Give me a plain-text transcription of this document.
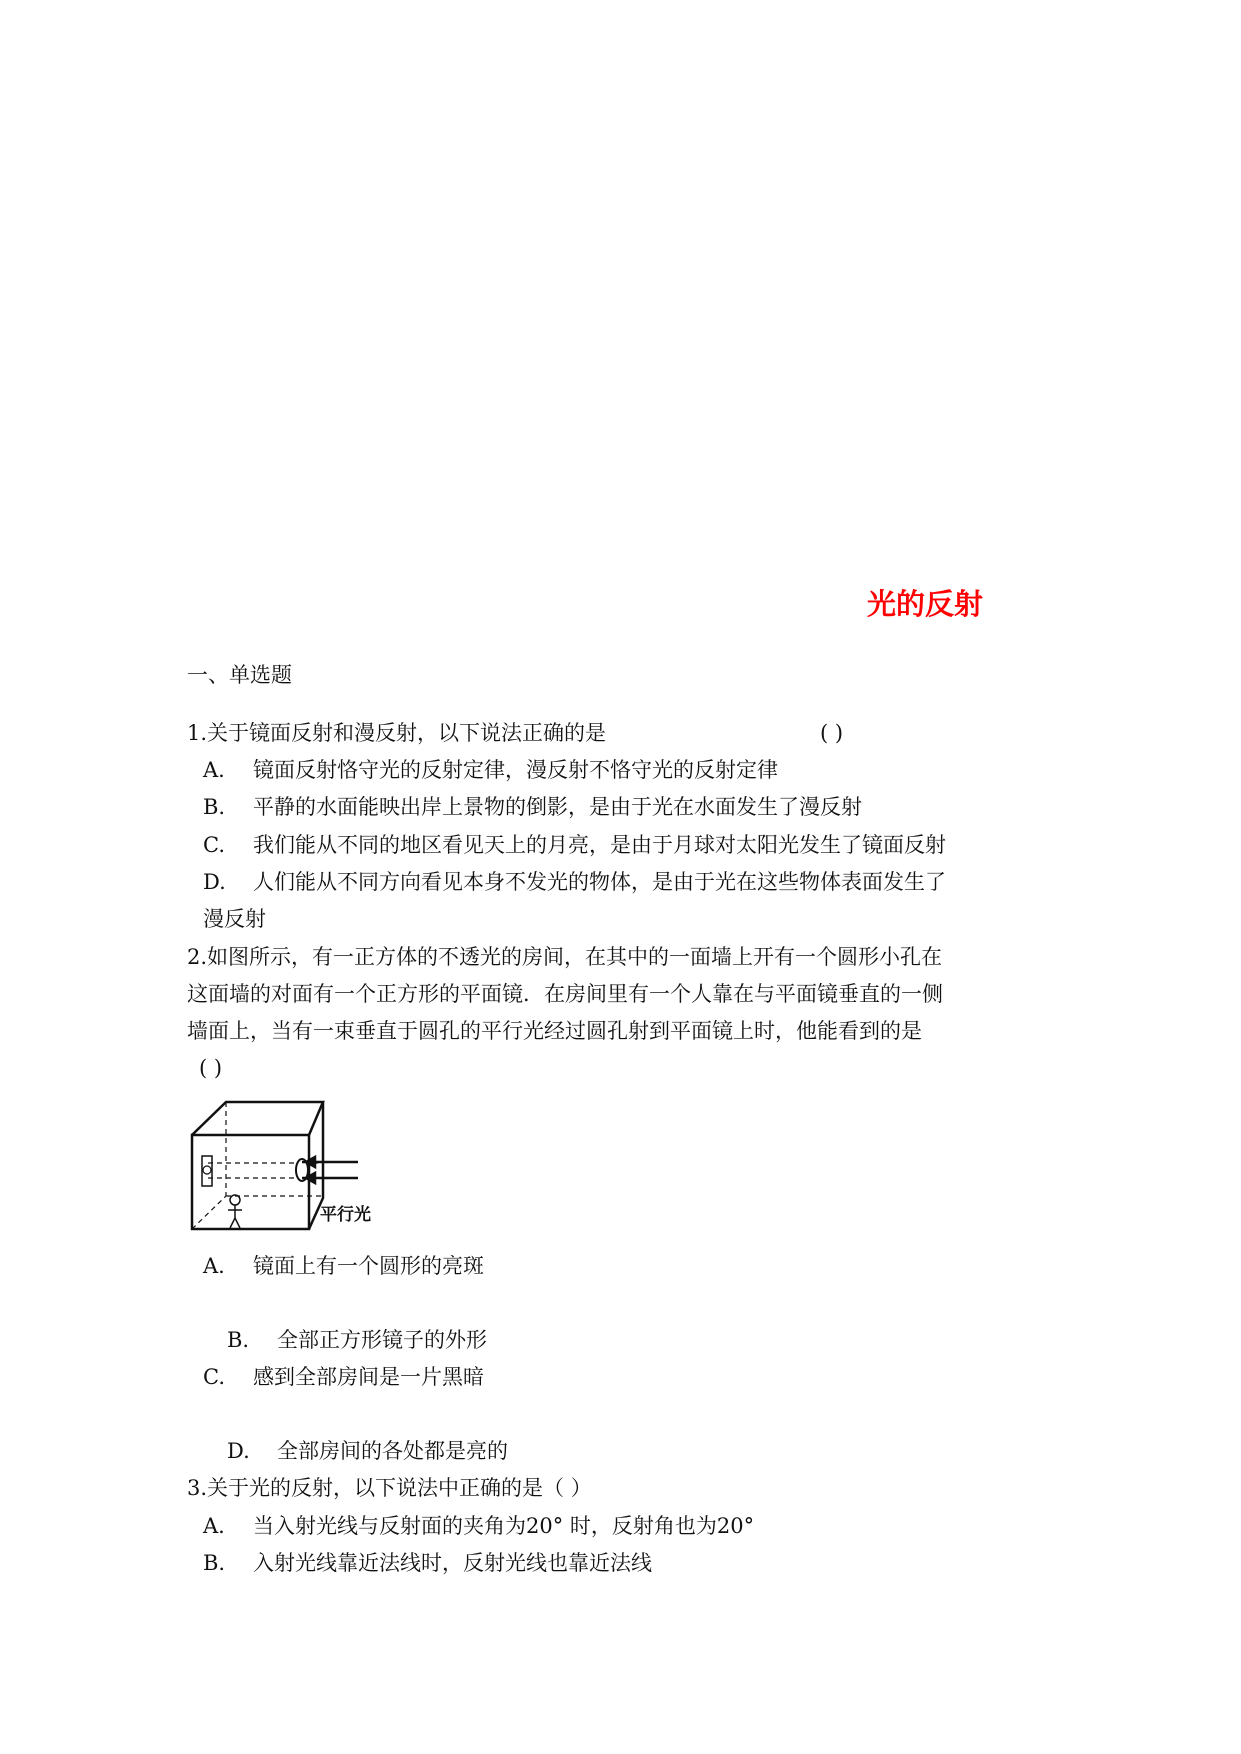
光的反射
一、单选题
1.关于镜面反射和漫反射，以下说法正确的是	( )
A. 镜面反射恪守光的反射定律，漫反射不恪守光的反射定律
B. 平静的水面能映出岸上景物的倒影，是由于光在水面发生了漫反射
C. 我们能从不同的地区看见天上的月亮，是由于月球对太阳光发生了镜面反射
D. 人们能从不同方向看见本身不发光的物体，是由于光在这些物体表面发生了
漫反射
2.如图所示，有一正方体的不透光的房间，在其中的一面墙上开有一个圆形小孔在
这面墙的对面有一个正方形的平面镜．在房间里有一个人靠在与平面镜垂直的一侧
墙面上，当有一束垂直于圆孔的平行光经过圆孔射到平面镜上时，他能看到的是
( )
平行光
A. 镜面上有一个圆形的亮斑
B. 全部正方形镜子的外形
C. 感到全部房间是一片黑暗
D. 全部房间的各处都是亮的
3.关于光的反射，以下说法中正确的是（ ）
A. 当入射光线与反射面的夹角为20° 时，反射角也为20°
B. 入射光线靠近法线时，反射光线也靠近法线
